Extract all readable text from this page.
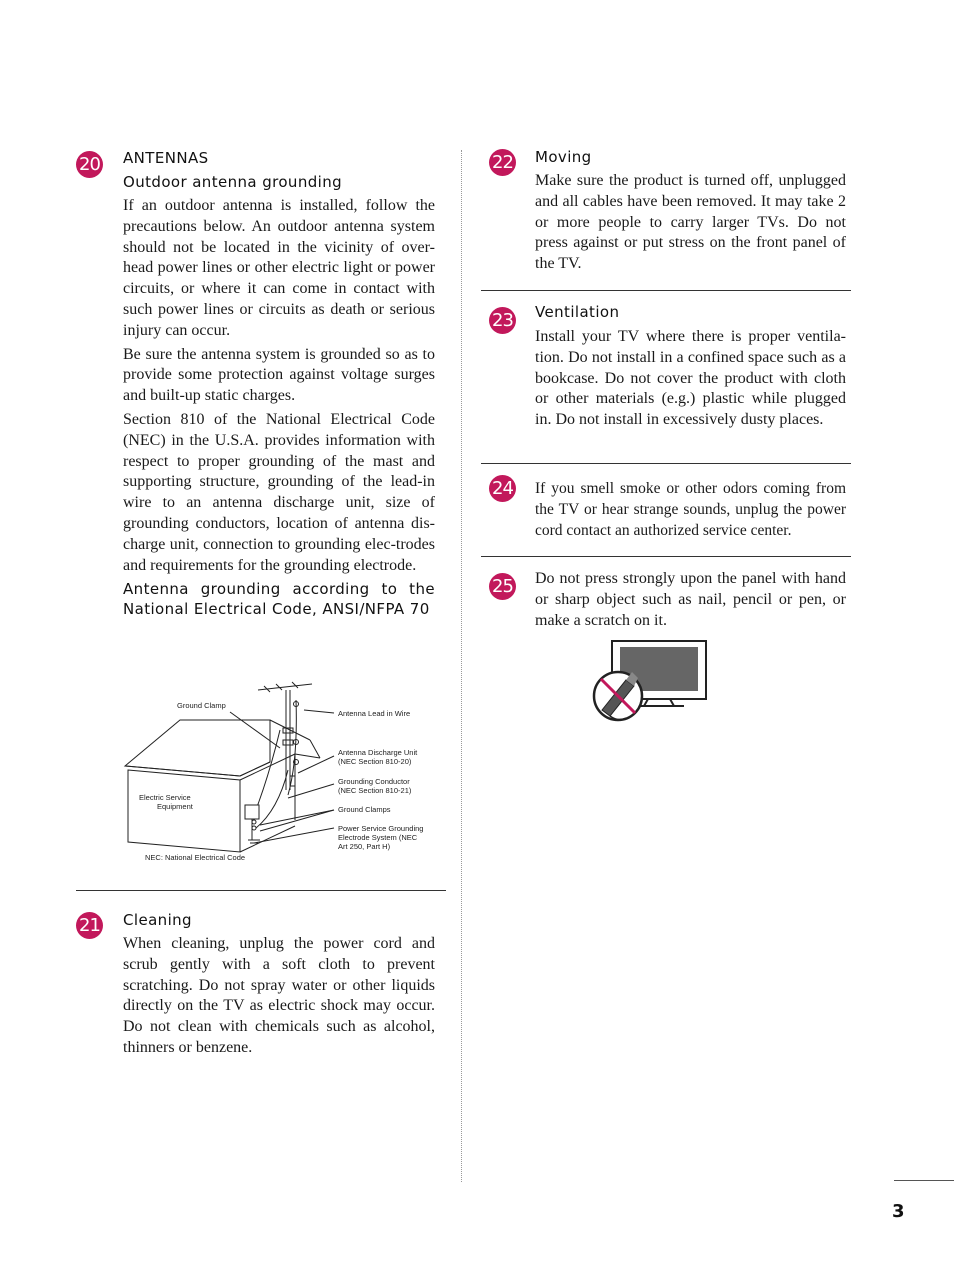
20 ANTENNAS
Outdoor antenna grounding

If an outdoor antenna is installed, follow the precautions below. An outdoor antenna system should not be located in the vicinity of over-head power lines or other electric light or power circuits, or where it can come in contact with such power lines or circuits as death or serious injury can occur.

Be sure the antenna system is grounded so as to provide some protection against voltage surges and built-up static charges.

Section 810 of the National Electrical Code (NEC) in the U.S.A. provides information with respect to proper grounding of the mast and supporting structure, grounding of the lead-in wire to an antenna discharge unit, size of grounding conductors, location of antenna dis-charge unit, connection to grounding elec-trodes and requirements for the grounding electrode.

Antenna grounding according to the National Electrical Code, ANSI/NFPA 70
Ground Clamp
Antenna Lead in Wire
Antenna Discharge Unit
(NEC Section 810-20)
Grounding Conductor
(NEC Section 810-21)
Ground Clamps
Power Service Grounding
Electrode System (NEC
Art 250, Part H)
Electric Service
Equipment
NEC: National Electrical Code
21 Cleaning
When cleaning, unplug the power cord and scrub gently with a soft cloth to prevent scratching. Do not spray water or other liquids directly on the TV as electric shock may occur. Do not clean with chemicals such as alcohol, thinners or benzene.
22 Moving
Make sure the product is turned off, unplugged and all cables have been removed. It may take 2 or more people to carry larger TVs. Do not press against or put stress on the front panel of the TV.
23 Ventilation
Install your TV where there is proper ventila-tion. Do not install in a confined space such as a bookcase. Do not cover the product with cloth or other materials (e.g.) plastic while plugged in. Do not install in excessively dusty places.
24 If you smell smoke or other odors coming from the TV or hear strange sounds, unplug the power cord contact an authorized service center.
25 Do not press strongly upon the panel with hand or sharp object such as nail, pencil or pen, or make a scratch on it.
3
